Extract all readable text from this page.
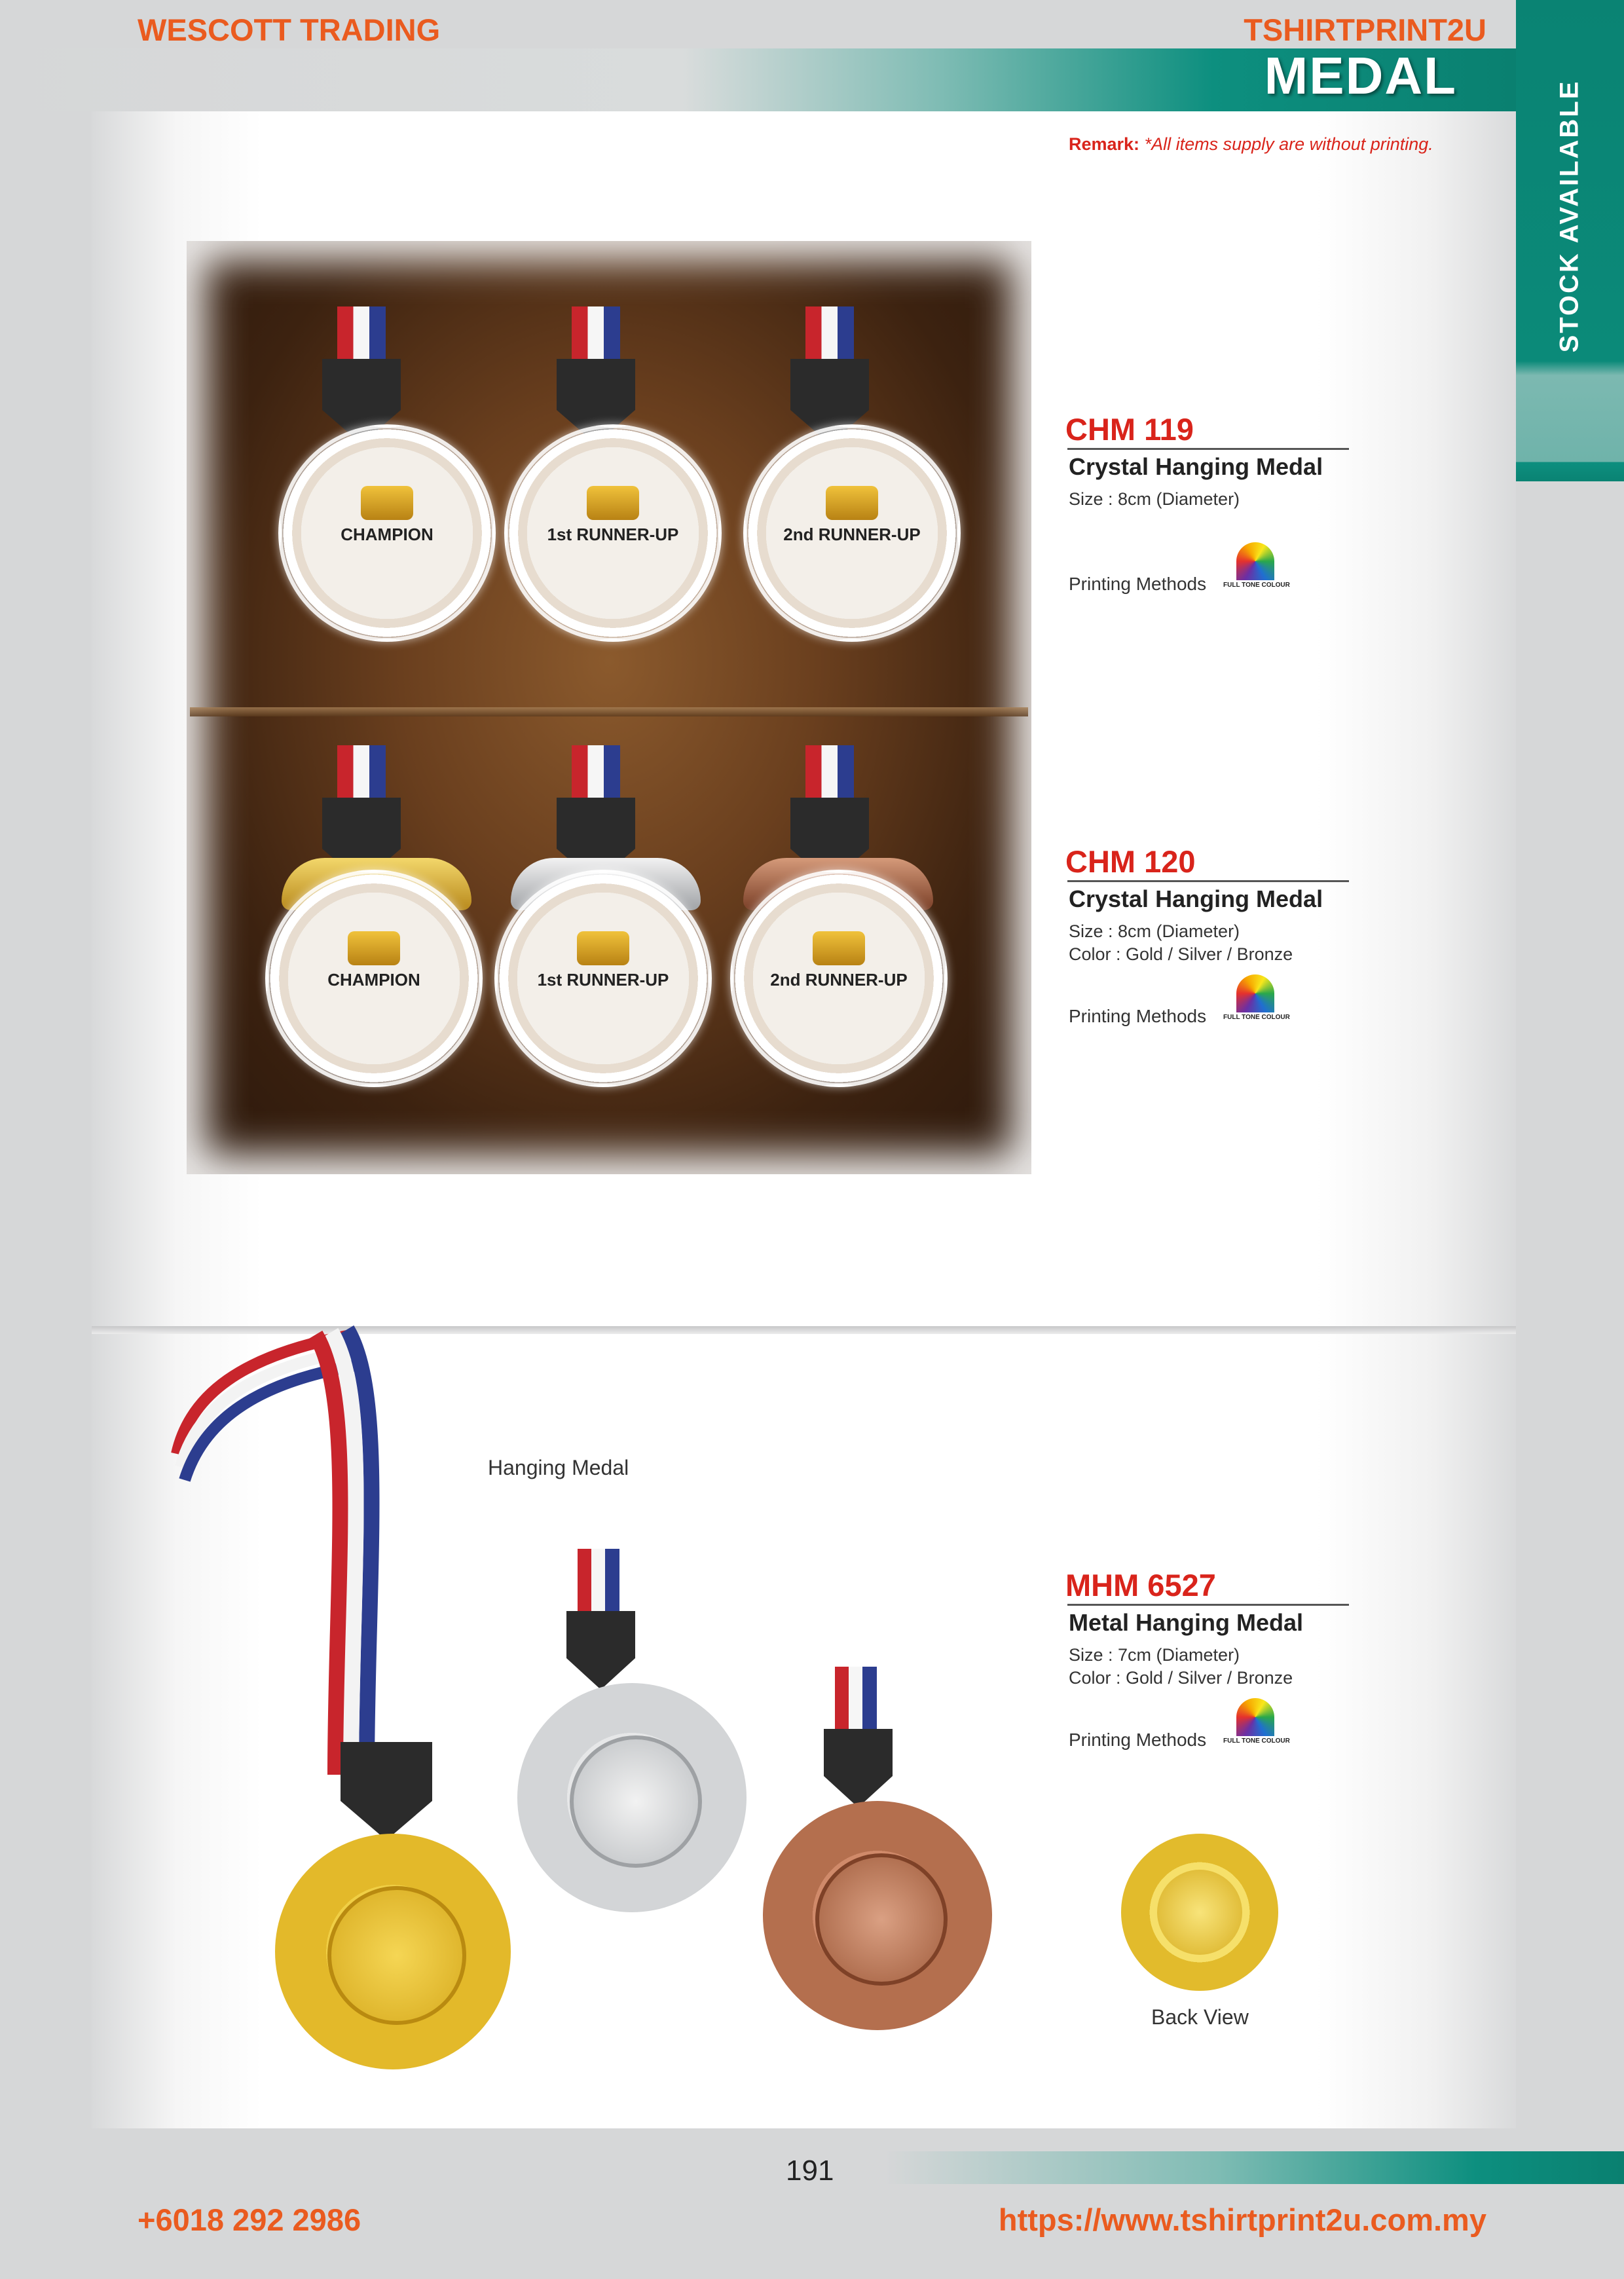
WESCOTT TRADING	TSHIRTPRINT2U
MEDAL
STOCK AVAILABLE
Remark: *All items supply are without printing.
CHAMPION	1st RUNNER-UP	2nd RUNNER-UP
CHAMPION	1st RUNNER-UP	2nd RUNNER-UP
CHM 119
Crystal Hanging Medal
Size : 8cm (Diameter)
Printing Methods	FULL TONE COLOUR
CHM 120
Crystal Hanging Medal
Size : 8cm (Diameter)
Color : Gold / Silver / Bronze
Printing Methods	FULL TONE COLOUR
Hanging Medal
Back View
MHM 6527
Metal Hanging Medal
Size : 7cm (Diameter)
Color : Gold / Silver / Bronze
Printing Methods	FULL TONE COLOUR
191
+6018 292 2986	https://www.tshirtprint2u.com.my
